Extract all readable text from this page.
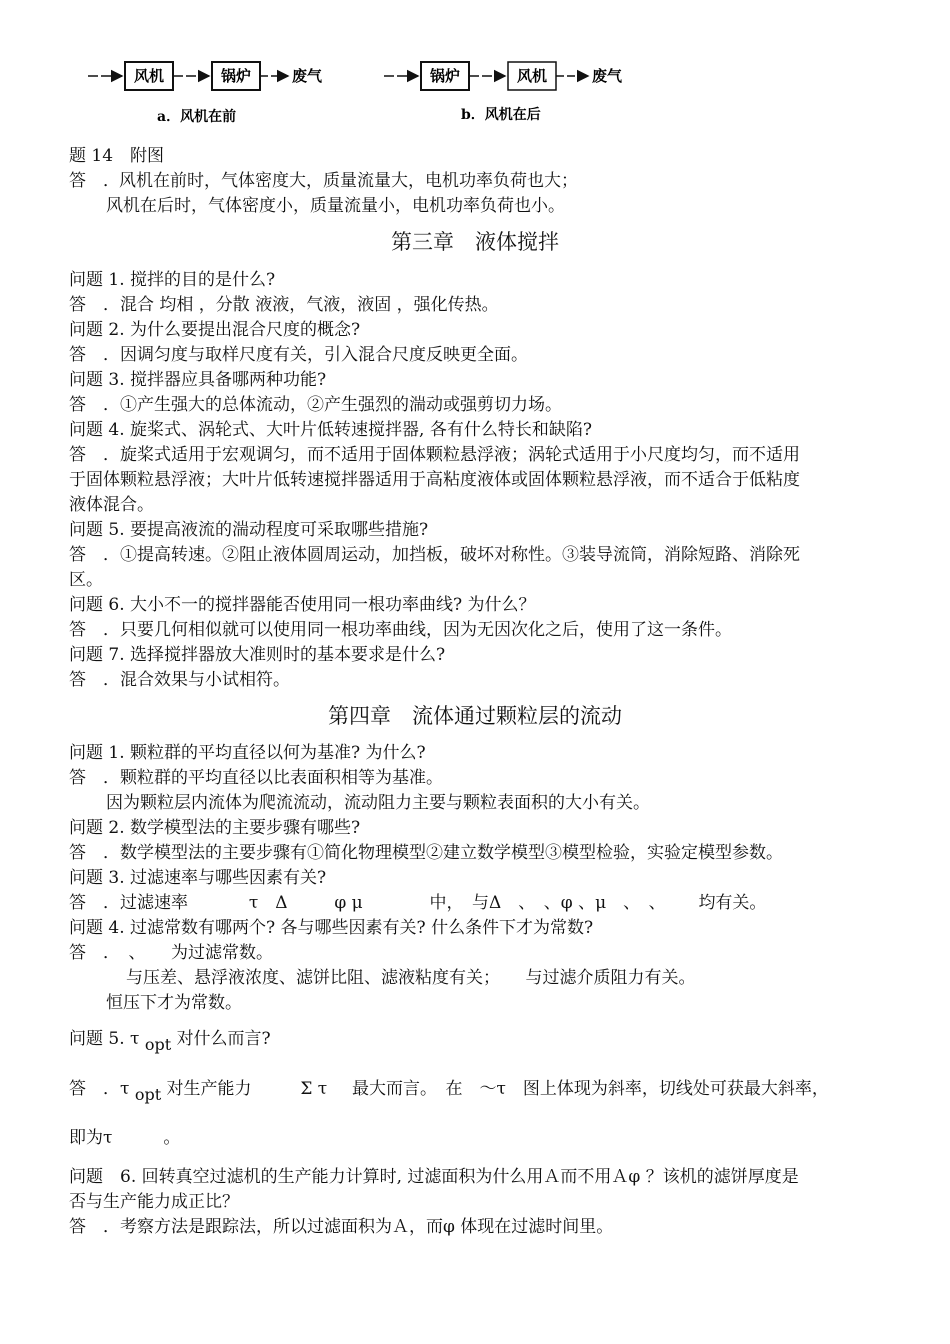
风机	锅炉	废气
a．风机在前
锅炉	风机	废气
b．风机在后
题 14　附图
答　．风机在前时，气体密度大，质量流量大，电机功率负荷也大；
风机在后时，气体密度小，质量流量小，电机功率负荷也小。
第三章　液体搅拌
问题 1. 搅拌的目的是什么?
答　．混合 均相 ，分散 液液，气液，液固 ，强化传热。
问题 2. 为什么要提出混合尺度的概念?
答　．因调匀度与取样尺度有关，引入混合尺度反映更全面。
问题 3. 搅拌器应具备哪两种功能?
答　．①产生强大的总体流动，②产生强烈的湍动或强剪切力场。
问题 4. 旋桨式、涡轮式、大叶片低转速搅拌器, 各有什么特长和缺陷?
答　．旋桨式适用于宏观调匀，而不适用于固体颗粒悬浮液；涡轮式适用于小尺度均匀，而不适用
于固体颗粒悬浮液；大叶片低转速搅拌器适用于高粘度液体或固体颗粒悬浮液，而不适合于低粘度
液体混合。
问题 5. 要提高液流的湍动程度可采取哪些措施?
答　．①提高转速。②阻止液体圆周运动，加挡板，破坏对称性。③装导流筒，消除短路、消除死
区。
问题 6. 大小不一的搅拌器能否使用同一根功率曲线? 为什么？
答　．只要几何相似就可以使用同一根功率曲线，因为无因次化之后，使用了这一条件。
问题 7. 选择搅拌器放大准则时的基本要求是什么?
答　．混合效果与小试相符。
第四章　流体通过颗粒层的流动
问题 1. 颗粒群的平均直径以何为基准? 为什么?
答　．颗粒群的平均直径以比表面积相等为基准。
因为颗粒层内流体为爬流流动，流动阻力主要与颗粒表面积的大小有关。
问题 2. 数学模型法的主要步骤有哪些?
答　．数学模型法的主要步骤有①简化物理模型②建立数学模型③模型检验，实验定模型参数。
问题 3. 过滤速率与哪些因素有关?
答　．过滤速率	τ　Δ	φ μ	中，　与Δ　、　、φ 、μ　、　、 均有关。
问题 4. 过滤常数有哪两个? 各与哪些因素有关? 什么条件下才为常数?
答　．　、　　为过滤常数。
与压差、悬浮液浓度、滤饼比阻、滤液粘度有关；　　与过滤介质阻力有关。
恒压下才为常数。
问题 5. τ opt 对什么而言?
答　．τ opt 对生产能力	Σ τ 最大而言。　在　～τ　图上体现为斜率，切线处可获最大斜率，
即为τ　　　。
问题　6. 回转真空过滤机的生产能力计算时, 过滤面积为什么用Ａ而不用Ａφ ？该机的滤饼厚度是
否与生产能力成正比？
答　．考察方法是跟踪法，所以过滤面积为Ａ，而φ 体现在过滤时间里。
